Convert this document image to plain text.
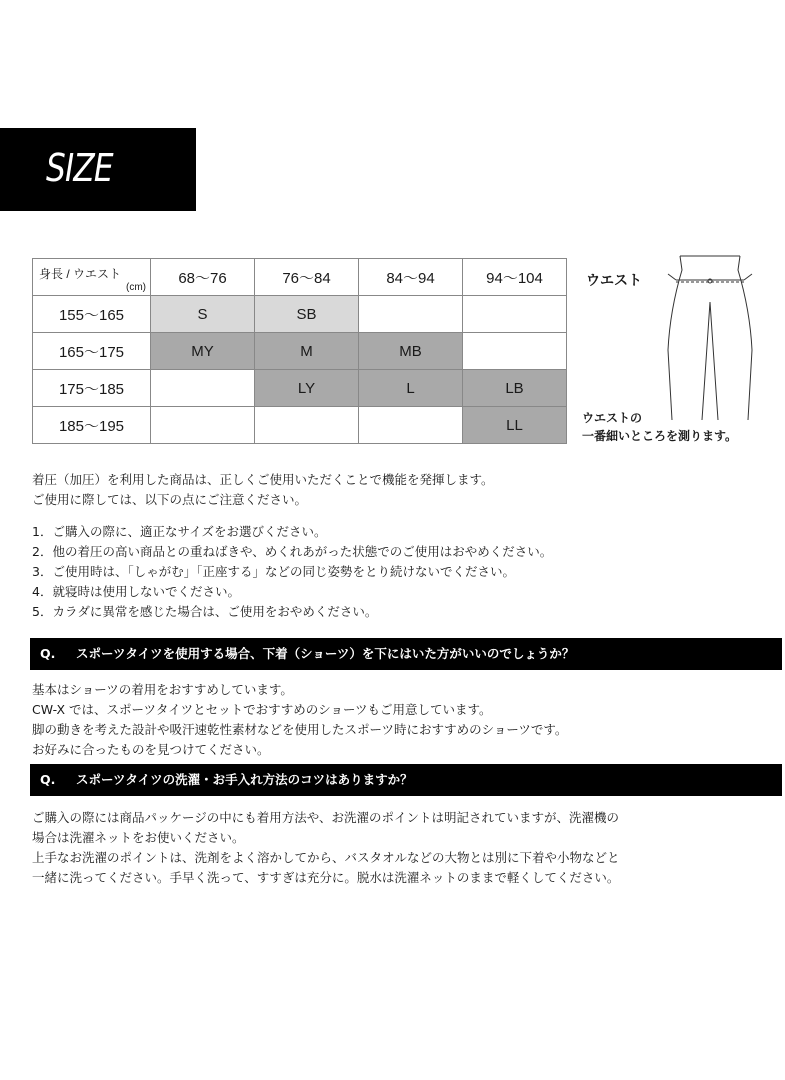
SIZE
身長 / ウエスト
(cm)	68〜76	76〜84	84〜94	94〜104
155〜165	S	SB		
165〜175	MY	M	MB	
175〜185		LY	L	LB
185〜195				LL
ウエスト
ウエストの
一番細いところを測ります。

着圧（加圧）を利用した商品は、正しくご使用いただくことで機能を発揮します。

ご使用に際しては、以下の点にご注意ください。

1．ご購入の際に、適正なサイズをお選びください。

2．他の着圧の高い商品との重ねばきや、めくれあがった状態でのご使用はおやめください。

3．ご使用時は、「しゃがむ」「正座する」などの同じ姿勢をとり続けないでください。

4．就寝時は使用しないでください。

5．カラダに異常を感じた場合は、ご使用をおやめください。

Q. スポーツタイツを使用する場合、下着（ショーツ）を下にはいた方がいいのでしょうか？

基本はショーツの着用をおすすめしています。

CW-X では、スポーツタイツとセットでおすすめのショーツもご用意しています。

脚の動きを考えた設計や吸汗速乾性素材などを使用したスポーツ時におすすめのショーツです。

お好みに合ったものを見つけてください。

Q. スポーツタイツの洗濯・お手入れ方法のコツはありますか？

ご購入の際には商品パッケージの中にも着用方法や、お洗濯のポイントは明記されていますが、洗濯機の

場合は洗濯ネットをお使いください。

上手なお洗濯のポイントは、洗剤をよく溶かしてから、バスタオルなどの大物とは別に下着や小物などと

一緒に洗ってください。手早く洗って、すすぎは充分に。脱水は洗濯ネットのままで軽くしてください。
